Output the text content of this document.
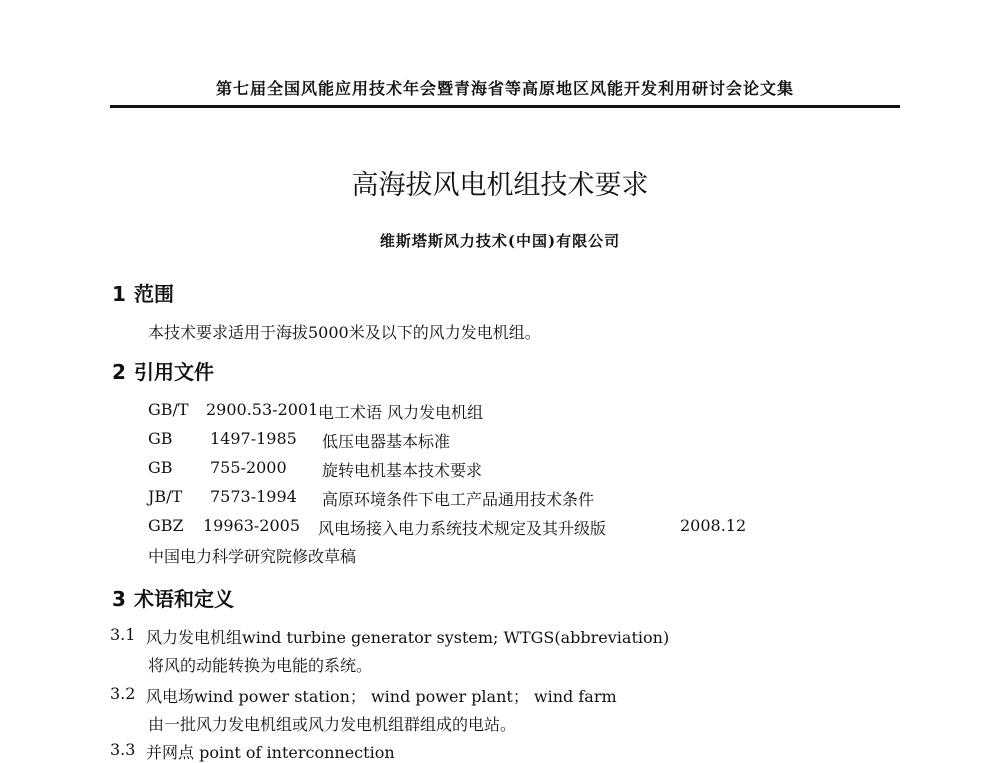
第七届全国风能应用技术年会暨青海省等高原地区风能开发利用研讨会论文集
高海拔风电机组技术要求
维斯塔斯风力技术(中国)有限公司
1 范围
本技术要求适用于海拔5000米及以下的风力发电机组。
2 引用文件
GB/T 2900.53-2001 电工术语 风力发电机组
GB 1497-1985 低压电器基本标准
GB 755-2000 旋转电机基本技术要求
JB/T 7573-1994 高原环境条件下电工产品通用技术条件
GBZ 19963-2005 风电场接入电力系统技术规定及其升级版	2008.12
中国电力科学研究院修改草稿
3 术语和定义
3.1 风力发电机组wind turbine generator system; WTGS(abbreviation)
将风的动能转换为电能的系统。
3.2 风电场wind power station； wind power plant； wind farm
由一批风力发电机组或风力发电机组群组成的电站。
3.3 并网点 point of interconnection
